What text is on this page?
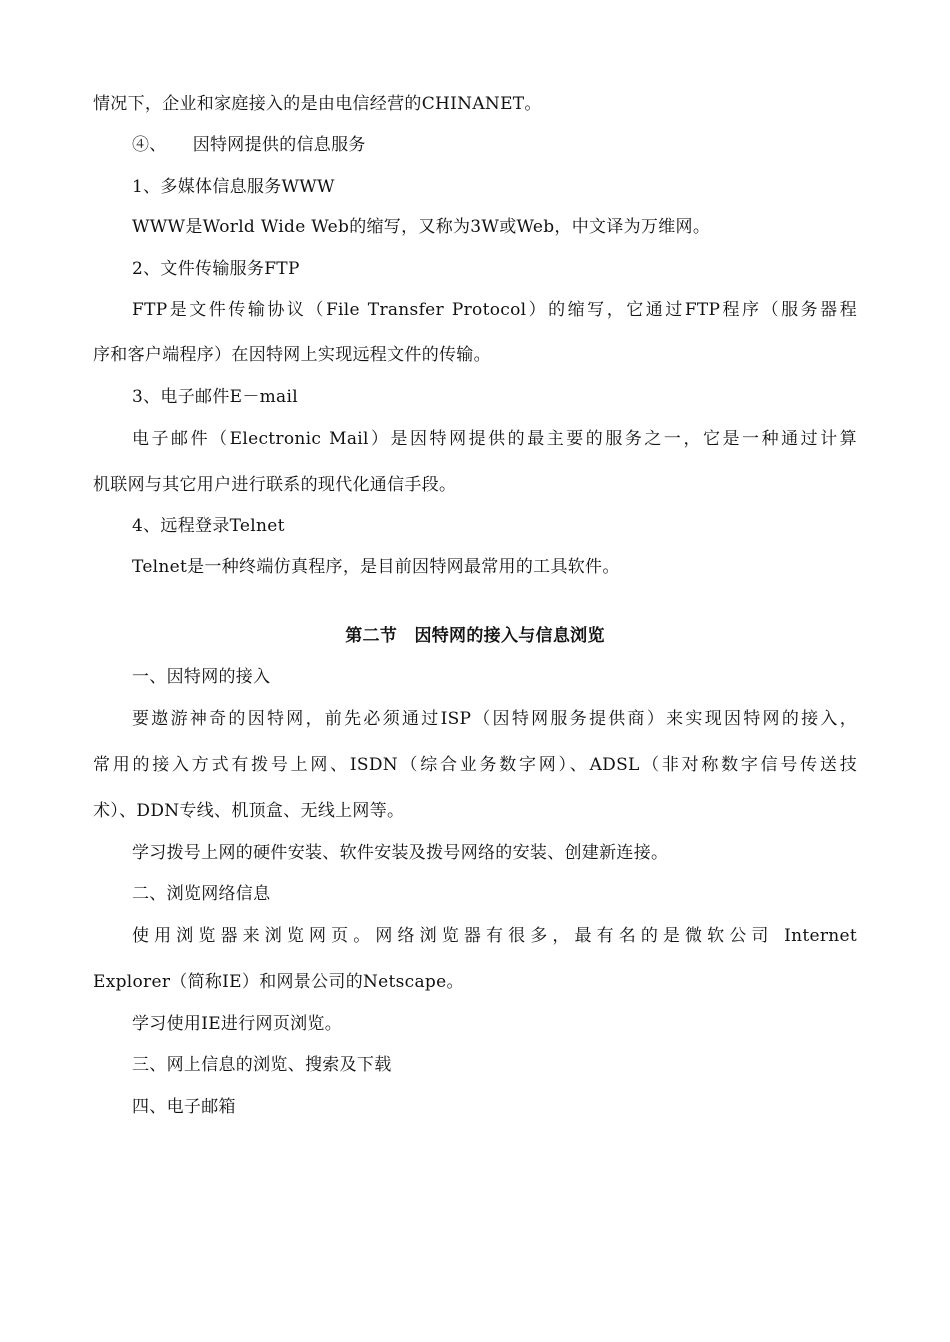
情况下，企业和家庭接入的是由电信经营的CHINANET。
④、　　因特网提供的信息服务
1、多媒体信息服务WWW
WWW是World Wide Web的缩写，又称为3W或Web，中文译为万维网。
2、文件传输服务FTP
FTP是文件传输协议（File Transfer Protocol）的缩写，它通过FTP程序（服务器程
序和客户端程序）在因特网上实现远程文件的传输。
3、电子邮件E－mail
电子邮件（Electronic Mail）是因特网提供的最主要的服务之一，它是一种通过计算
机联网与其它用户进行联系的现代化通信手段。
4、远程登录Telnet
Telnet是一种终端仿真程序，是目前因特网最常用的工具软件。
第二节　因特网的接入与信息浏览
一、因特网的接入
要遨游神奇的因特网，前先必须通过ISP（因特网服务提供商）来实现因特网的接入，
常用的接入方式有拨号上网、ISDN（综合业务数字网）、ADSL（非对称数字信号传送技
术）、DDN专线、机顶盒、无线上网等。
学习拨号上网的硬件安装、软件安装及拨号网络的安装、创建新连接。
二、浏览网络信息
使用浏览器来浏览网页。网络浏览器有很多，最有名的是微软公司 Internet
Explorer（简称IE）和网景公司的Netscape。
学习使用IE进行网页浏览。
三、网上信息的浏览、搜索及下载
四、电子邮箱
